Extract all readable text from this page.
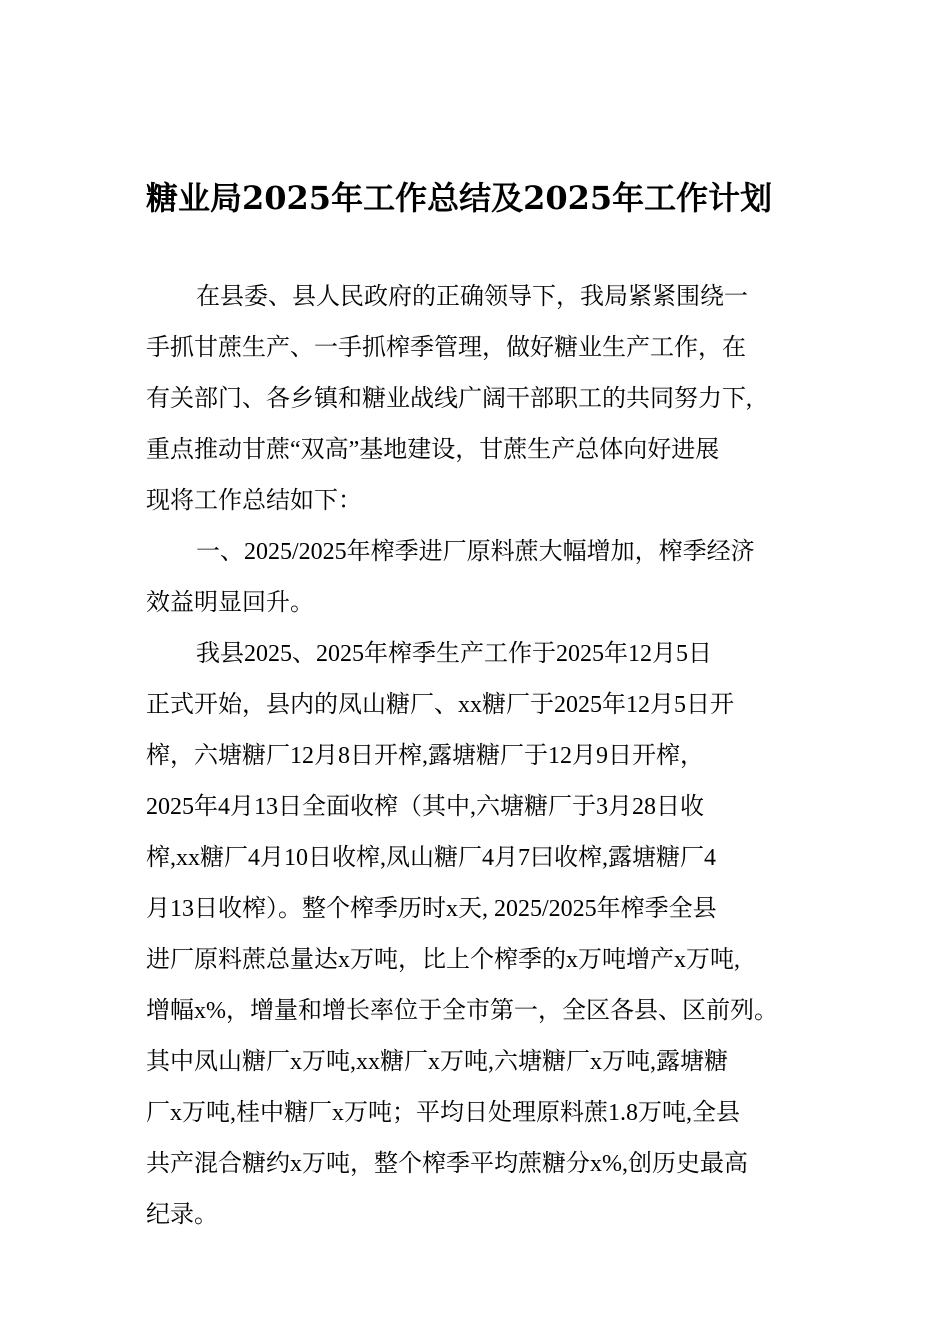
糖业局2025年工作总结及2025年工作计划
在县委、县人民政府的正确领导下，我局紧紧围绕一
手抓甘蔗生产、一手抓榨季管理，做好糖业生产工作，在
有关部门、各乡镇和糖业战线广阔干部职工的共同努力下,
重点推动甘蔗“双高”基地建设，甘蔗生产总体向好进展
现将工作总结如下：
一、2025/2025年榨季进厂原料蔗大幅增加，榨季经济
效益明显回升。
我县2025、2025年榨季生产工作于2025年12月5日
正式开始，县内的凤山糖厂、xx糖厂于2025年12月5日开
榨，六塘糖厂12月8日开榨,露塘糖厂于12月9日开榨，
2025年4月13日全面收榨（其中,六塘糖厂于3月28日收
榨,xx糖厂4月10日收榨,凤山糖厂4月7曰收榨,露塘糖厂4
月13日收榨）。整个榨季历时x天, 2025/2025年榨季全县
进厂原料蔗总量达x万吨，比上个榨季的x万吨增产x万吨,
增幅x%，增量和增长率位于全市第一，全区各县、区前列。
其中凤山糖厂x万吨,xx糖厂x万吨,六塘糖厂x万吨,露塘糖
厂x万吨,桂中糖厂x万吨；平均日处理原料蔗1.8万吨,全县
共产混合糖约x万吨，整个榨季平均蔗糖分x%,创历史最高
纪录。
